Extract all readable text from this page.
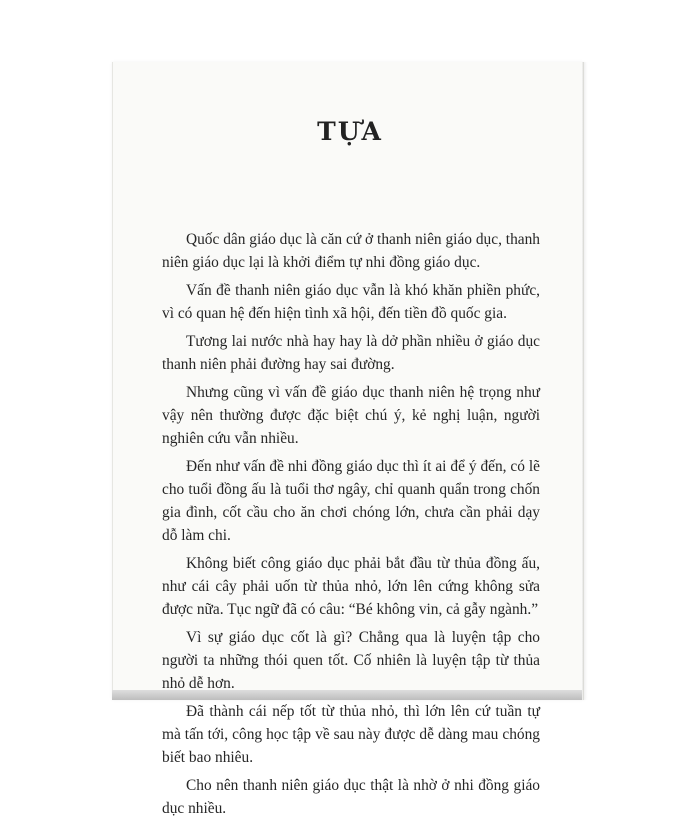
TỰA

Quốc dân giáo dục là căn cứ ở thanh niên giáo dục, thanh niên giáo dục lại là khởi điểm tự nhi đồng giáo dục.

Vấn đề thanh niên giáo dục vẫn là khó khăn phiền phức, vì có quan hệ đến hiện tình xã hội, đến tiền đồ quốc gia.

Tương lai nước nhà hay hay là dở phần nhiều ở giáo dục thanh niên phải đường hay sai đường.

Nhưng cũng vì vấn đề giáo dục thanh niên hệ trọng như vậy nên thường được đặc biệt chú ý, kẻ nghị luận, người nghiên cứu vẫn nhiều.

Đến như vấn đề nhi đồng giáo dục thì ít ai để ý đến, có lẽ cho tuổi đồng ấu là tuổi thơ ngây, chỉ quanh quẩn trong chốn gia đình, cốt cầu cho ăn chơi chóng lớn, chưa cần phải dạy dỗ làm chi.

Không biết công giáo dục phải bắt đầu từ thủa đồng ấu, như cái cây phải uốn từ thủa nhỏ, lớn lên cứng không sửa được nữa. Tục ngữ đã có câu: “Bé không vin, cả gẫy ngành.”

Vì sự giáo dục cốt là gì? Chẳng qua là luyện tập cho người ta những thói quen tốt. Cố nhiên là luyện tập từ thủa nhỏ dễ hơn.

Đã thành cái nếp tốt từ thủa nhỏ, thì lớn lên cứ tuần tự mà tấn tới, công học tập về sau này được dễ dàng mau chóng biết bao nhiêu.

Cho nên thanh niên giáo dục thật là nhờ ở nhi đồng giáo dục nhiều.
